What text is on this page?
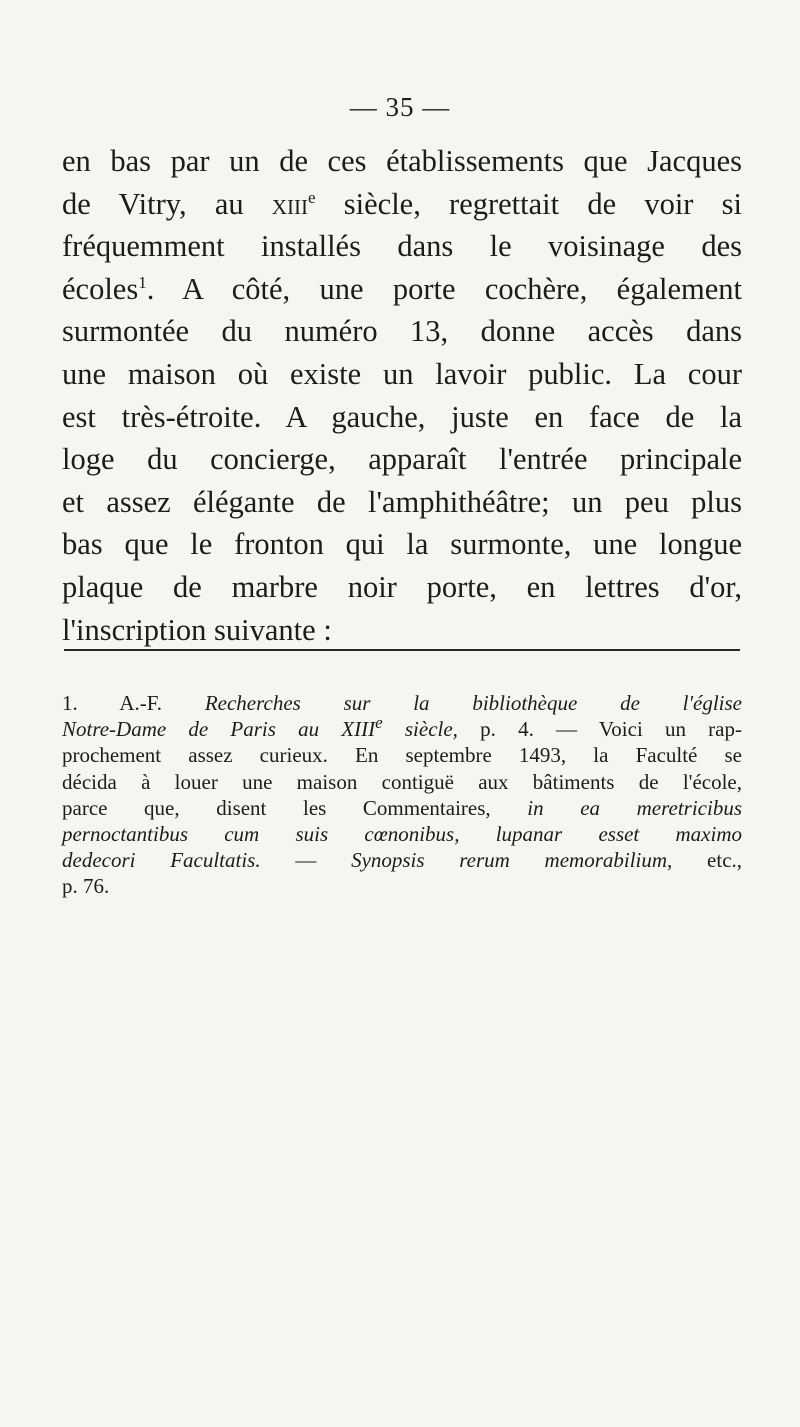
— 35 —
en bas par un de ces établissements que Jacques
de Vitry, au xiii$^e$ siècle, regrettait de voir si
fréquemment installés dans le voisinage des
écoles$^1$. A côté, une porte cochère, également
surmontée du numéro 13, donne accès dans
une maison où existe un lavoir public. La cour
est très-étroite. A gauche, juste en face de la
loge du concierge, apparaît l'entrée principale
et assez élégante de l'amphithéâtre; un peu plus
bas que le fronton qui la surmonte, une longue
plaque de marbre noir porte, en lettres d'or,
l'inscription suivante :
1. A.-F. Recherches sur la bibliothèque de l'église
Notre-Dame de Paris au XIIIe siècle, p. 4. — Voici un rap-
prochement assez curieux. En septembre 1493, la Faculté se
décida à louer une maison contiguë aux bâtiments de l'école,
parce que, disent les Commentaires, in ea meretricibus
pernoctantibus cum suis cœnonibus, lupanar esset maximo
dedecori Facultatis. — Synopsis rerum memorabilium, etc.,
p. 76.
